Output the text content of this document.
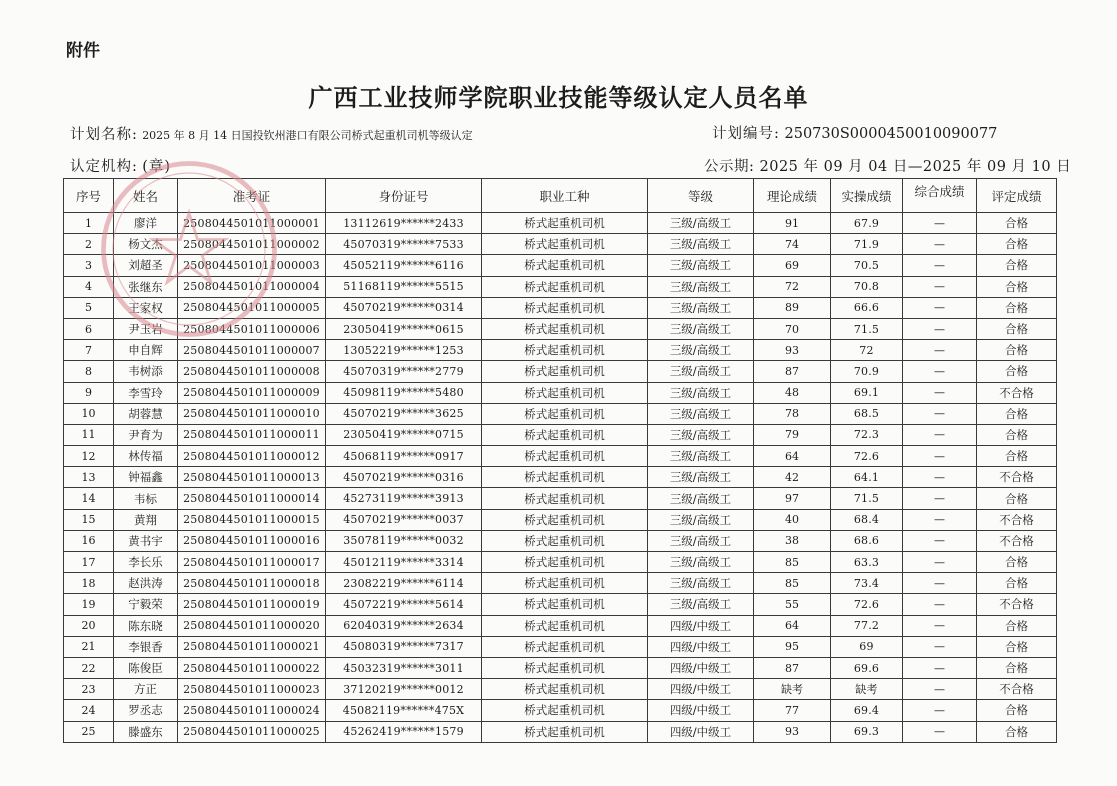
附件
广西工业技师学院职业技能等级认定人员名单
计划名称: 2025 年 8 月 14 日国投钦州港口有限公司桥式起重机司机等级认定	计划编号: 250730S0000450010090077
认定机构: (章)	公示期: 2025 年 09 月 04 日—2025 年 09 月 10 日
序号	姓名	准考证	身份证号	职业工种	等级	理论成绩	实操成绩	综合成绩	评定成绩
1	廖洋	2508044501011000001	13112619******2433	桥式起重机司机	三级/高级工	91	67.9	—	合格
2	杨文杰	2508044501011000002	45070319******7533	桥式起重机司机	三级/高级工	74	71.9	—	合格
3	刘超圣	2508044501011000003	45052119******6116	桥式起重机司机	三级/高级工	69	70.5	—	合格
4	张继东	2508044501011000004	51168119******5515	桥式起重机司机	三级/高级工	72	70.8	—	合格
5	王家权	2508044501011000005	45070219******0314	桥式起重机司机	三级/高级工	89	66.6	—	合格
6	尹玉岩	2508044501011000006	23050419******0615	桥式起重机司机	三级/高级工	70	71.5	—	合格
7	申自辉	2508044501011000007	13052219******1253	桥式起重机司机	三级/高级工	93	72	—	合格
8	韦树添	2508044501011000008	45070319******2779	桥式起重机司机	三级/高级工	87	70.9	—	合格
9	李雪玲	2508044501011000009	45098119******5480	桥式起重机司机	三级/高级工	48	69.1	—	不合格
10	胡蓉慧	2508044501011000010	45070219******3625	桥式起重机司机	三级/高级工	78	68.5	—	合格
11	尹育为	2508044501011000011	23050419******0715	桥式起重机司机	三级/高级工	79	72.3	—	合格
12	林传福	2508044501011000012	45068119******0917	桥式起重机司机	三级/高级工	64	72.6	—	合格
13	钟福鑫	2508044501011000013	45070219******0316	桥式起重机司机	三级/高级工	42	64.1	—	不合格
14	韦标	2508044501011000014	45273119******3913	桥式起重机司机	三级/高级工	97	71.5	—	合格
15	黄翔	2508044501011000015	45070219******0037	桥式起重机司机	三级/高级工	40	68.4	—	不合格
16	黄书宇	2508044501011000016	35078119******0032	桥式起重机司机	三级/高级工	38	68.6	—	不合格
17	李长乐	2508044501011000017	45012119******3314	桥式起重机司机	三级/高级工	85	63.3	—	合格
18	赵洪涛	2508044501011000018	23082219******6114	桥式起重机司机	三级/高级工	85	73.4	—	合格
19	宁毅荣	2508044501011000019	45072219******5614	桥式起重机司机	三级/高级工	55	72.6	—	不合格
20	陈东晓	2508044501011000020	62040319******2634	桥式起重机司机	四级/中级工	64	77.2	—	合格
21	李银香	2508044501011000021	45080319******7317	桥式起重机司机	四级/中级工	95	69	—	合格
22	陈俊臣	2508044501011000022	45032319******3011	桥式起重机司机	四级/中级工	87	69.6	—	合格
23	方正	2508044501011000023	37120219******0012	桥式起重机司机	四级/中级工	缺考	缺考	—	不合格
24	罗丞志	2508044501011000024	45082119******475X	桥式起重机司机	四级/中级工	77	69.4	—	合格
25	滕盛东	2508044501011000025	45262419******1579	桥式起重机司机	四级/中级工	93	69.3	—	合格
